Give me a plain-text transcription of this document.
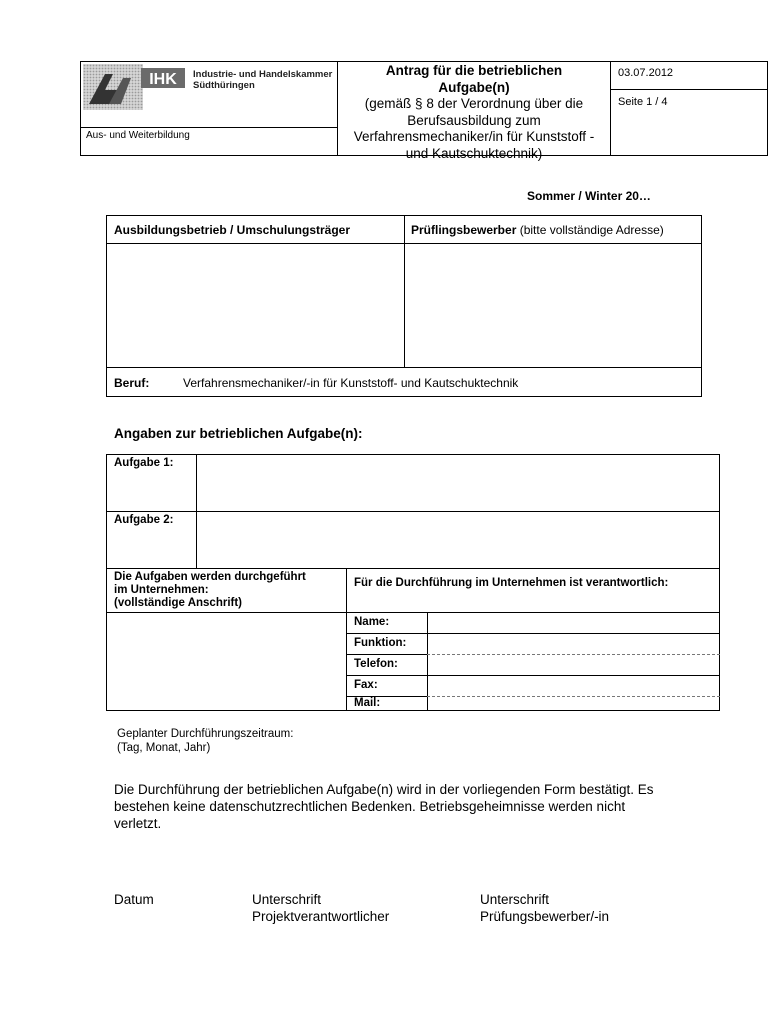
IHK Industrie- und Handelskammer
Südthüringen
Aus- und Weiterbildung
Antrag für die betrieblichen
Aufgabe(n)
(gemäß § 8 der Verordnung über die
Berufsausbildung zum
Verfahrensmechaniker/in für Kunststoff -
und Kautschuktechnik)
03.07.2012
Seite 1 / 4
Sommer / Winter 20…
Ausbildungsbetrieb / Umschulungsträger	Prüflingsbewerber (bitte vollständige Adresse)
Beruf:	Verfahrensmechaniker/-in für Kunststoff- und Kautschuktechnik
Angaben zur betrieblichen Aufgabe(n):
Aufgabe 1:
Aufgabe 2:
Die Aufgaben werden durchgeführt
im Unternehmen:
(vollständige Anschrift)
Für die Durchführung im Unternehmen ist verantwortlich:
Name:
Funktion:
Telefon:
Fax:
Mail:
Geplanter Durchführungszeitraum:
(Tag, Monat, Jahr)
Die Durchführung der betrieblichen Aufgabe(n) wird in der vorliegenden Form bestätigt. Es
bestehen keine datenschutzrechtlichen Bedenken. Betriebsgeheimnisse werden nicht
verletzt.
Datum	Unterschrift
Projektverantwortlicher
Unterschrift
Prüfungsbewerber/-in
